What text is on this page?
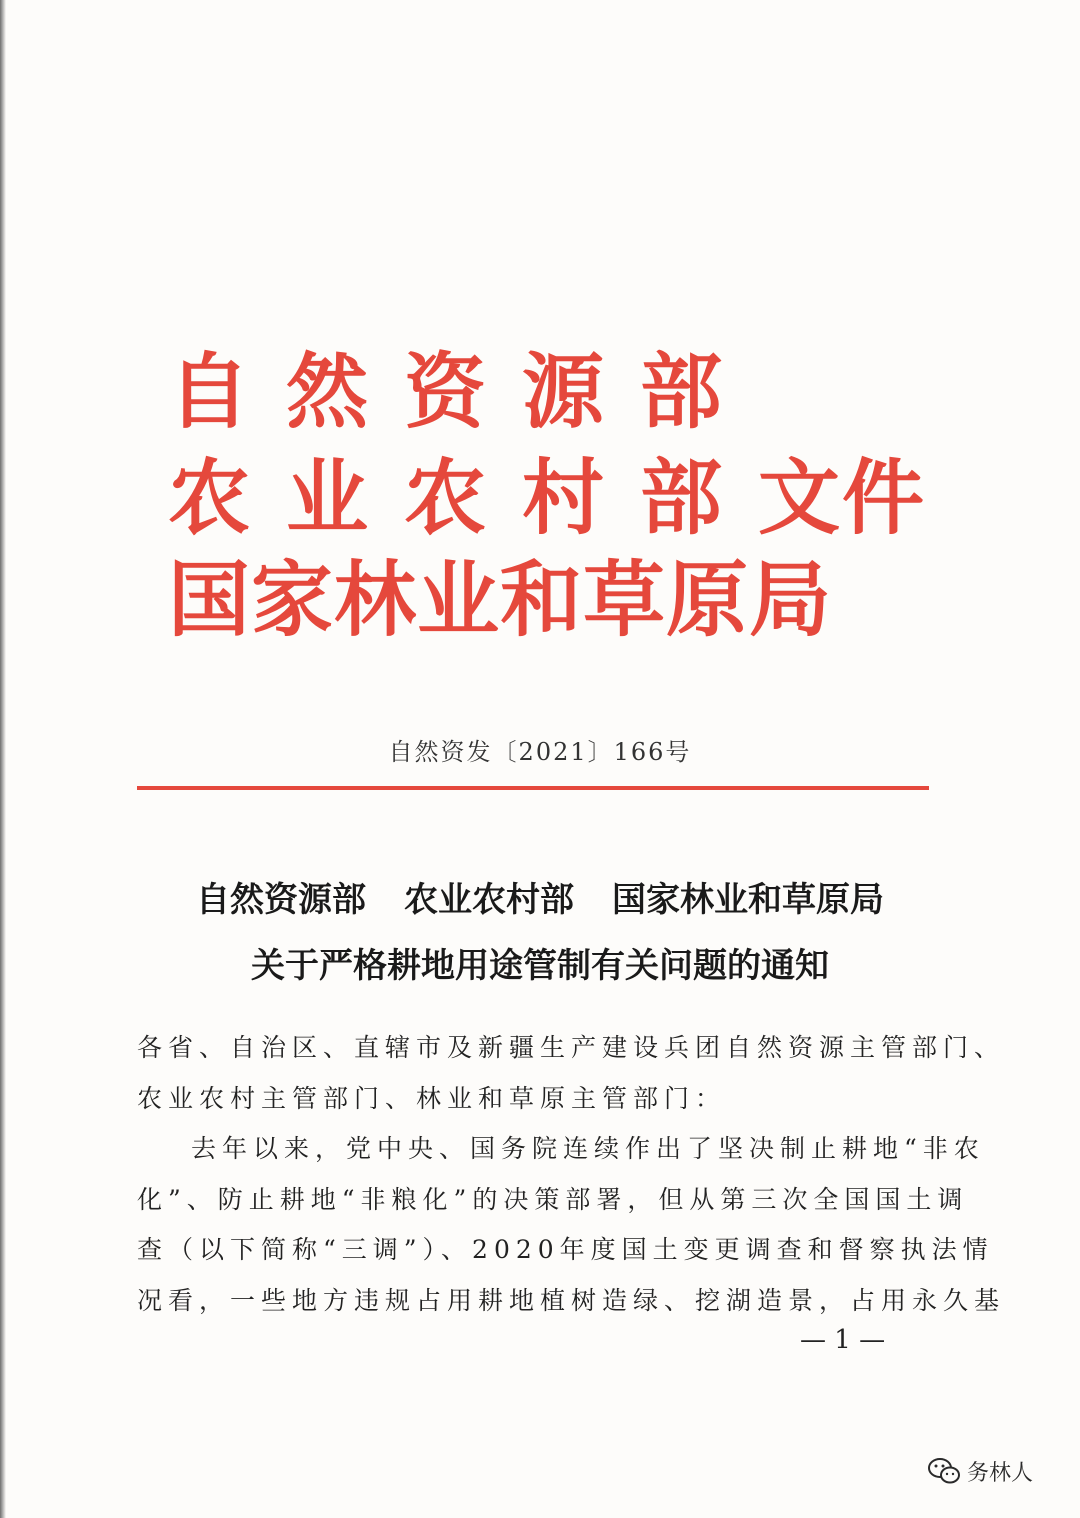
自然资源部
农业农村部文件
国家林业和草原局
自然资发〔2021〕166号
自然资源部 农业农村部 国家林业和草原局
关于严格耕地用途管制有关问题的通知
各省、自治区、直辖市及新疆生产建设兵团自然资源主管部门、
农业农村主管部门、林业和草原主管部门：
去年以来，党中央、国务院连续作出了坚决制止耕地“非农
化”、防止耕地“非粮化”的决策部署，但从第三次全国国土调
查（以下简称“三调”）、2020年度国土变更调查和督察执法情
况看，一些地方违规占用耕地植树造绿、挖湖造景，占用永久基
— 1 —
务林人
